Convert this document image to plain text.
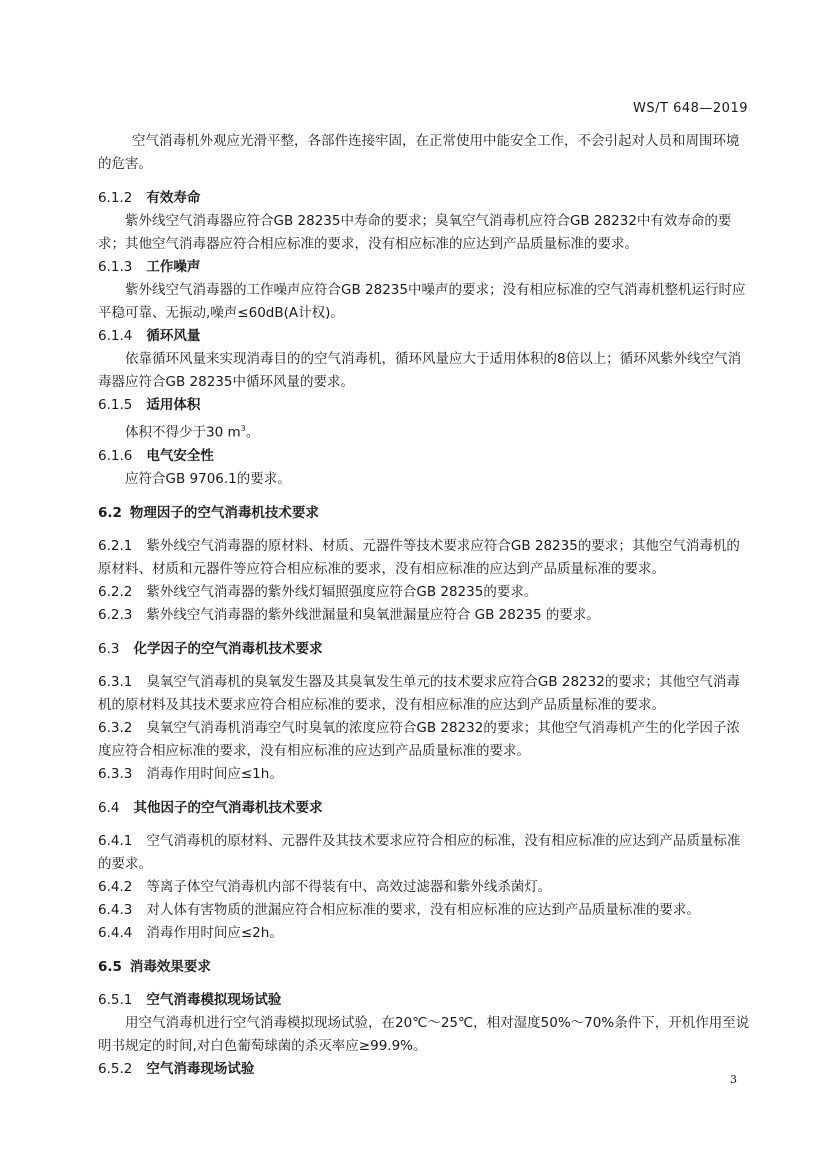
WS/T 648—2019

空气消毒机外观应光滑平整，各部件连接牢固，在正常使用中能安全工作，不会引起对人员和周围环境的危害。

6.1.2 有效寿命

紫外线空气消毒器应符合GB 28235中寿命的要求；臭氧空气消毒机应符合GB 28232中有效寿命的要求；其他空气消毒器应符合相应标准的要求，没有相应标准的应达到产品质量标准的要求。

6.1.3 工作噪声

紫外线空气消毒器的工作噪声应符合GB 28235中噪声的要求；没有相应标准的空气消毒机整机运行时应平稳可靠、无振动,噪声≤60dB(A计权)。

6.1.4 循环风量

依靠循环风量来实现消毒目的的空气消毒机，循环风量应大于适用体积的8倍以上；循环风紫外线空气消毒器应符合GB 28235中循环风量的要求。

6.1.5 适用体积

体积不得少于30 $m^3$。

6.1.6 电气安全性

应符合GB 9706.1的要求。

6.2 物理因子的空气消毒机技术要求

6.2.1 紫外线空气消毒器的原材料、材质、元器件等技术要求应符合GB 28235的要求；其他空气消毒机的原材料、材质和元器件等应符合相应标准的要求，没有相应标准的应达到产品质量标准的要求。

6.2.2 紫外线空气消毒器的紫外线灯辐照强度应符合GB 28235的要求。

6.2.3 紫外线空气消毒器的紫外线泄漏量和臭氧泄漏量应符合 GB 28235 的要求。

6.3 化学因子的空气消毒机技术要求

6.3.1 臭氧空气消毒机的臭氧发生器及其臭氧发生单元的技术要求应符合GB 28232的要求；其他空气消毒机的原材料及其技术要求应符合相应标准的要求，没有相应标准的应达到产品质量标准的要求。

6.3.2 臭氧空气消毒机消毒空气时臭氧的浓度应符合GB 28232的要求；其他空气消毒机产生的化学因子浓度应符合相应标准的要求，没有相应标准的应达到产品质量标准的要求。

6.3.3 消毒作用时间应≤1h。

6.4 其他因子的空气消毒机技术要求

6.4.1 空气消毒机的原材料、元器件及其技术要求应符合相应的标准，没有相应标准的应达到产品质量标准的要求。

6.4.2 等离子体空气消毒机内部不得装有中、高效过滤器和紫外线杀菌灯。

6.4.3 对人体有害物质的泄漏应符合相应标准的要求，没有相应标准的应达到产品质量标准的要求。

6.4.4 消毒作用时间应≤2h。

6.5 消毒效果要求

6.5.1 空气消毒模拟现场试验

用空气消毒机进行空气消毒模拟现场试验，在20℃～25℃，相对湿度50%～70%条件下，开机作用至说明书规定的时间,对白色葡萄球菌的杀灭率应≥99.9%。

6.5.2 空气消毒现场试验

3
